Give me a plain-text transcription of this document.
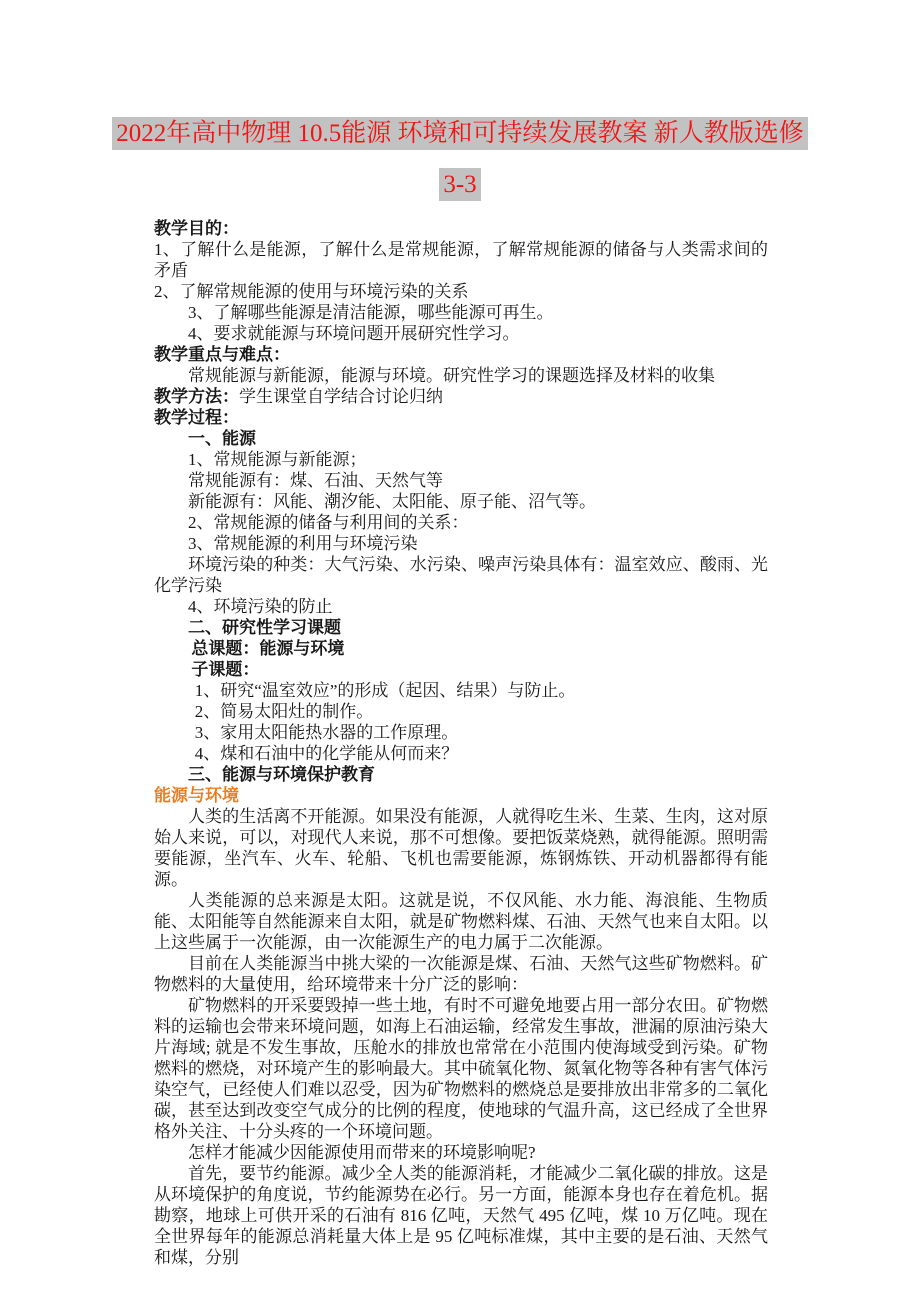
2022年高中物理 10.5能源 环境和可持续发展教案 新人教版选修
3-3
教学目的：
1、了解什么是能源，了解什么是常规能源，了解常规能源的储备与人类需求间的矛盾
2、了解常规能源的使用与环境污染的关系
3、了解哪些能源是清洁能源，哪些能源可再生。
4、要求就能源与环境问题开展研究性学习。
教学重点与难点：
常规能源与新能源，能源与环境。研究性学习的课题选择及材料的收集
教学方法：学生课堂自学结合讨论归纳
教学过程：
一、能源
1、常规能源与新能源；
常规能源有：煤、石油、天然气等
新能源有：风能、潮汐能、太阳能、原子能、沼气等。
2、常规能源的储备与利用间的关系：
3、常规能源的利用与环境污染
环境污染的种类：大气污染、水污染、噪声污染具体有：温室效应、酸雨、光化学污染
4、环境污染的防止
二、研究性学习课题
总课题：能源与环境
子课题：
1、研究“温室效应”的形成（起因、结果）与防止。
2、简易太阳灶的制作。
3、家用太阳能热水器的工作原理。
4、煤和石油中的化学能从何而来？
三、能源与环境保护教育
能源与环境
人类的生活离不开能源。如果没有能源，人就得吃生米、生菜、生肉，这对原始人来说，可以，对现代人来说，那不可想像。要把饭菜烧熟，就得能源。照明需要能源，坐汽车、火车、轮船、飞机也需要能源，炼钢炼铁、开动机器都得有能源。
人类能源的总来源是太阳。这就是说，不仅风能、水力能、海浪能、生物质能、太阳能等自然能源来自太阳，就是矿物燃料煤、石油、天然气也来自太阳。以上这些属于一次能源，由一次能源生产的电力属于二次能源。
目前在人类能源当中挑大梁的一次能源是煤、石油、天然气这些矿物燃料。矿物燃料的大量使用，给环境带来十分广泛的影响：
矿物燃料的开采要毁掉一些土地，有时不可避免地要占用一部分农田。矿物燃料的运输也会带来环境问题，如海上石油运输，经常发生事故，泄漏的原油污染大片海域; 就是不发生事故，压舱水的排放也常常在小范围内使海域受到污染。矿物燃料的燃烧，对环境产生的影响最大。其中硫氧化物、氮氧化物等各种有害气体污染空气，已经使人们难以忍受，因为矿物燃料的燃烧总是要排放出非常多的二氧化碳，甚至达到改变空气成分的比例的程度，使地球的气温升高，这已经成了全世界格外关注、十分头疼的一个环境问题。
怎样才能减少因能源使用而带来的环境影响呢?
首先，要节约能源。减少全人类的能源消耗，才能减少二氧化碳的排放。这是从环境保护的角度说，节约能源势在必行。另一方面，能源本身也存在着危机。据勘察，地球上可供开采的石油有 816 亿吨，天然气 495 亿吨，煤 10 万亿吨。现在全世界每年的能源总消耗量大体上是 95 亿吨标准煤，其中主要的是石油、天然气和煤，分别
